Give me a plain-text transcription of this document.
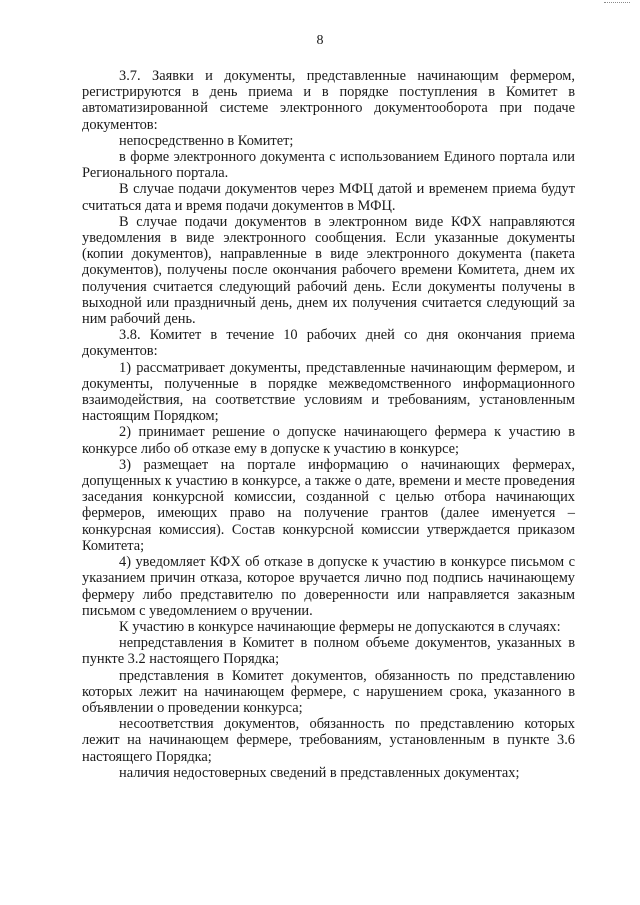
8

3.7. Заявки и документы, представленные начинающим фермером, регистрируются в день приема и в порядке поступления в Комитет в автоматизированной системе электронного документооборота при подаче документов:

непосредственно в Комитет;

в форме электронного документа с использованием Единого портала или Регионального портала.

В случае подачи документов через МФЦ датой и временем приема будут считаться дата и время подачи документов в МФЦ.

В случае подачи документов в электронном виде КФХ направляются уведомления в виде электронного сообщения. Если указанные документы (копии документов), направленные в виде электронного документа (пакета документов), получены после окончания рабочего времени Комитета, днем их получения считается следующий рабочий день. Если документы получены в выходной или праздничный день, днем их получения считается следующий за ним рабочий день.

3.8. Комитет в течение 10 рабочих дней со дня окончания приема документов:

1) рассматривает документы, представленные начинающим фермером, и документы, полученные в порядке межведомственного информационного взаимодействия, на соответствие условиям и требованиям, установленным настоящим Порядком;

2) принимает решение о допуске начинающего фермера к участию в конкурсе либо об отказе ему в допуске к участию в конкурсе;

3) размещает на портале информацию о начинающих фермерах, допущенных к участию в конкурсе, а также о дате, времени и месте проведения заседания конкурсной комиссии, созданной с целью отбора начинающих фермеров, имеющих право на получение грантов (далее именуется – конкурсная комиссия). Состав конкурсной комиссии утверждается приказом Комитета;

4) уведомляет КФХ об отказе в допуске к участию в конкурсе письмом с указанием причин отказа, которое вручается лично под подпись начинающему фермеру либо представителю по доверенности или направляется заказным письмом с уведомлением о вручении.

К участию в конкурсе начинающие фермеры не допускаются в случаях:

непредставления в Комитет в полном объеме документов, указанных в пункте 3.2 настоящего Порядка;

представления в Комитет документов, обязанность по представлению которых лежит на начинающем фермере, с нарушением срока, указанного в объявлении о проведении конкурса;

несоответствия документов, обязанность по представлению которых лежит на начинающем фермере, требованиям, установленным в пункте 3.6 настоящего Порядка;

наличия недостоверных сведений в представленных документах;
